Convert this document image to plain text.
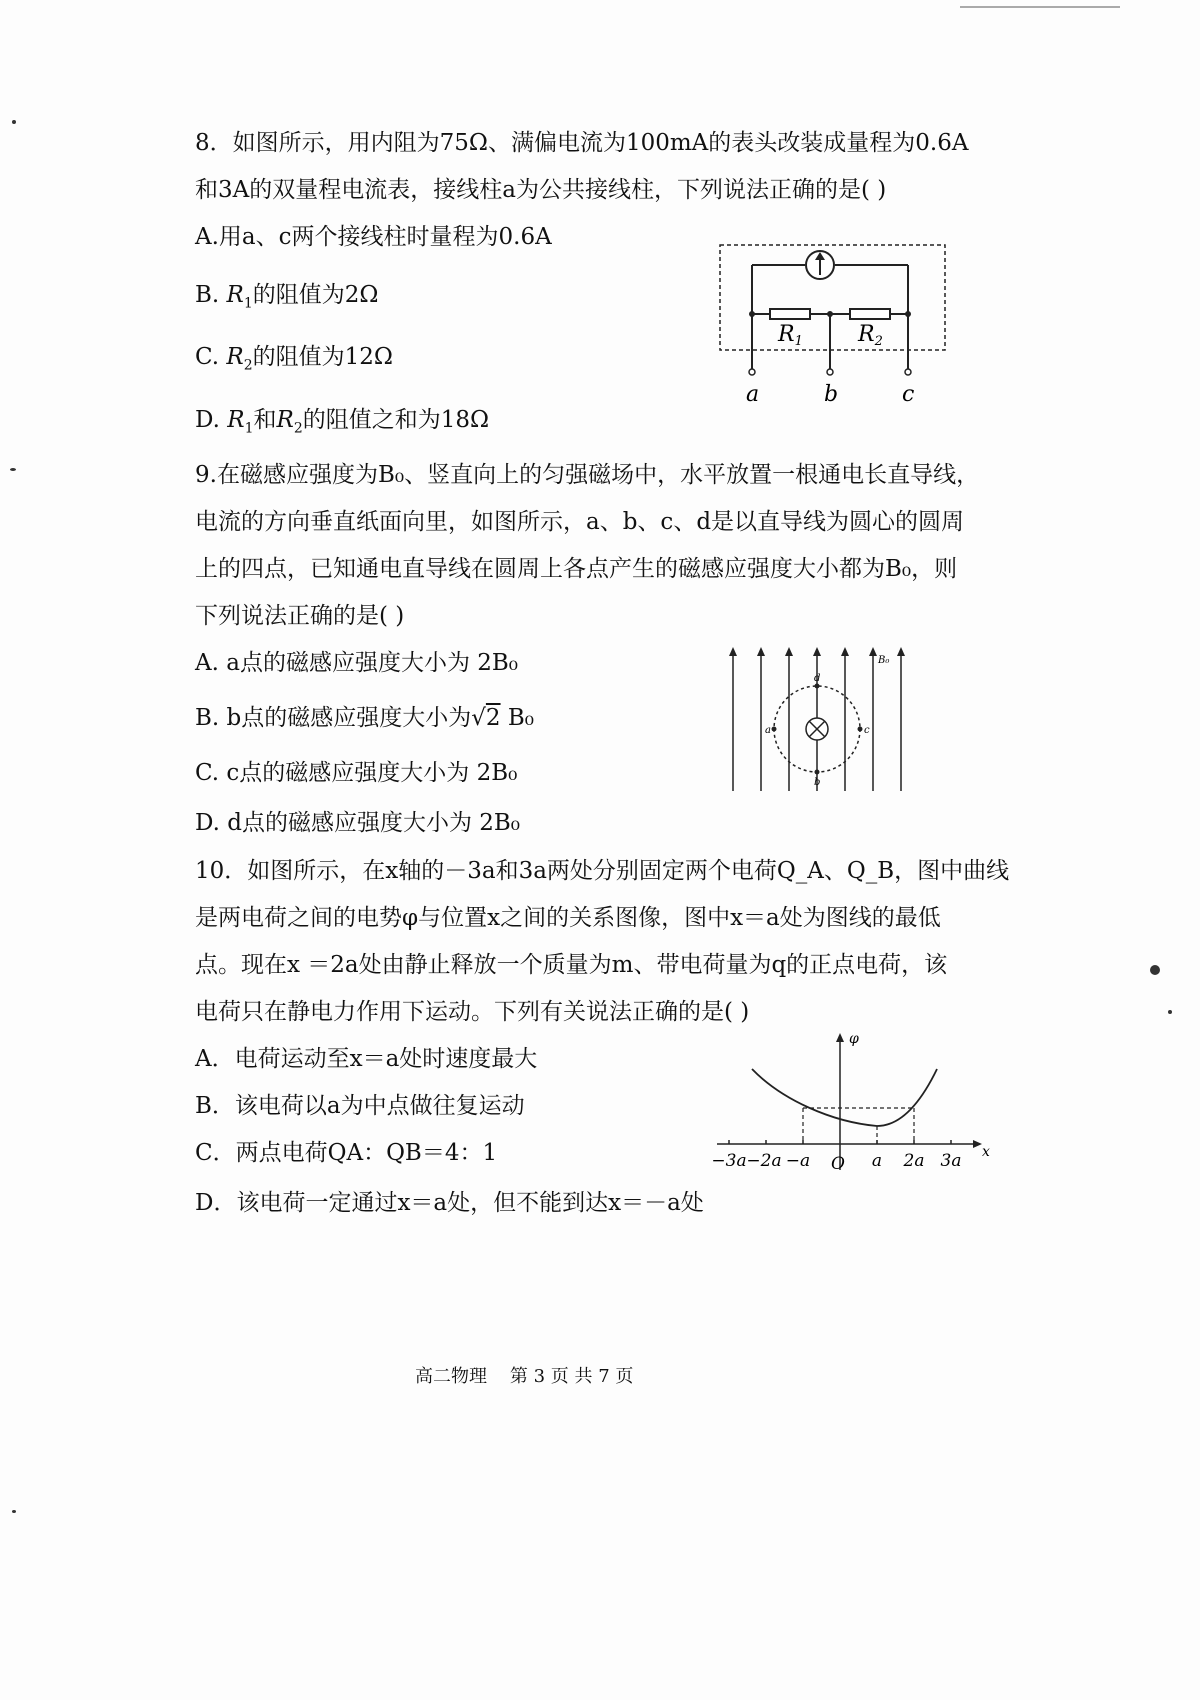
8．如图所示，用内阻为75Ω、满偏电流为100mA的表头改装成量程为0.6A
和3A的双量程电流表，接线柱a为公共接线柱，下列说法正确的是( )
A.用a、c两个接线柱时量程为0.6A
B. $R_1$的阻值为2Ω
C. $R_2$的阻值为12Ω
D. $R_1$和$R_2$的阻值之和为18Ω
R1	R2
a	b	c
9.在磁感应强度为B₀、竖直向上的匀强磁场中，水平放置一根通电长直导线，
电流的方向垂直纸面向里，如图所示，a、b、c、d是以直导线为圆心的圆周
上的四点，已知通电直导线在圆周上各点产生的磁感应强度大小都为B₀，则
下列说法正确的是( )
A. a点的磁感应强度大小为 2B₀
B. b点的磁感应强度大小为√2 B₀
C. c点的磁感应强度大小为 2B₀
D. d点的磁感应强度大小为 2B₀
a	c
d
b
B₀
10．如图所示，在x轴的－3a和3a两处分别固定两个电荷Q_A、Q_B，图中曲线
是两电荷之间的电势φ与位置x之间的关系图像，图中x＝a处为图线的最低
点。现在x ＝2a处由静止释放一个质量为m、带电荷量为q的正点电荷，该
电荷只在静电力作用下运动。下列有关说法正确的是( )
A．电荷运动至x＝a处时速度最大
B．该电荷以a为中点做往复运动
C．两点电荷QA：QB＝4：1
D．该电荷一定通过x＝a处，但不能到达x＝－a处
φ
x
−3a −2a −a O a 2a 3a
高二物理 第 3 页 共 7 页
